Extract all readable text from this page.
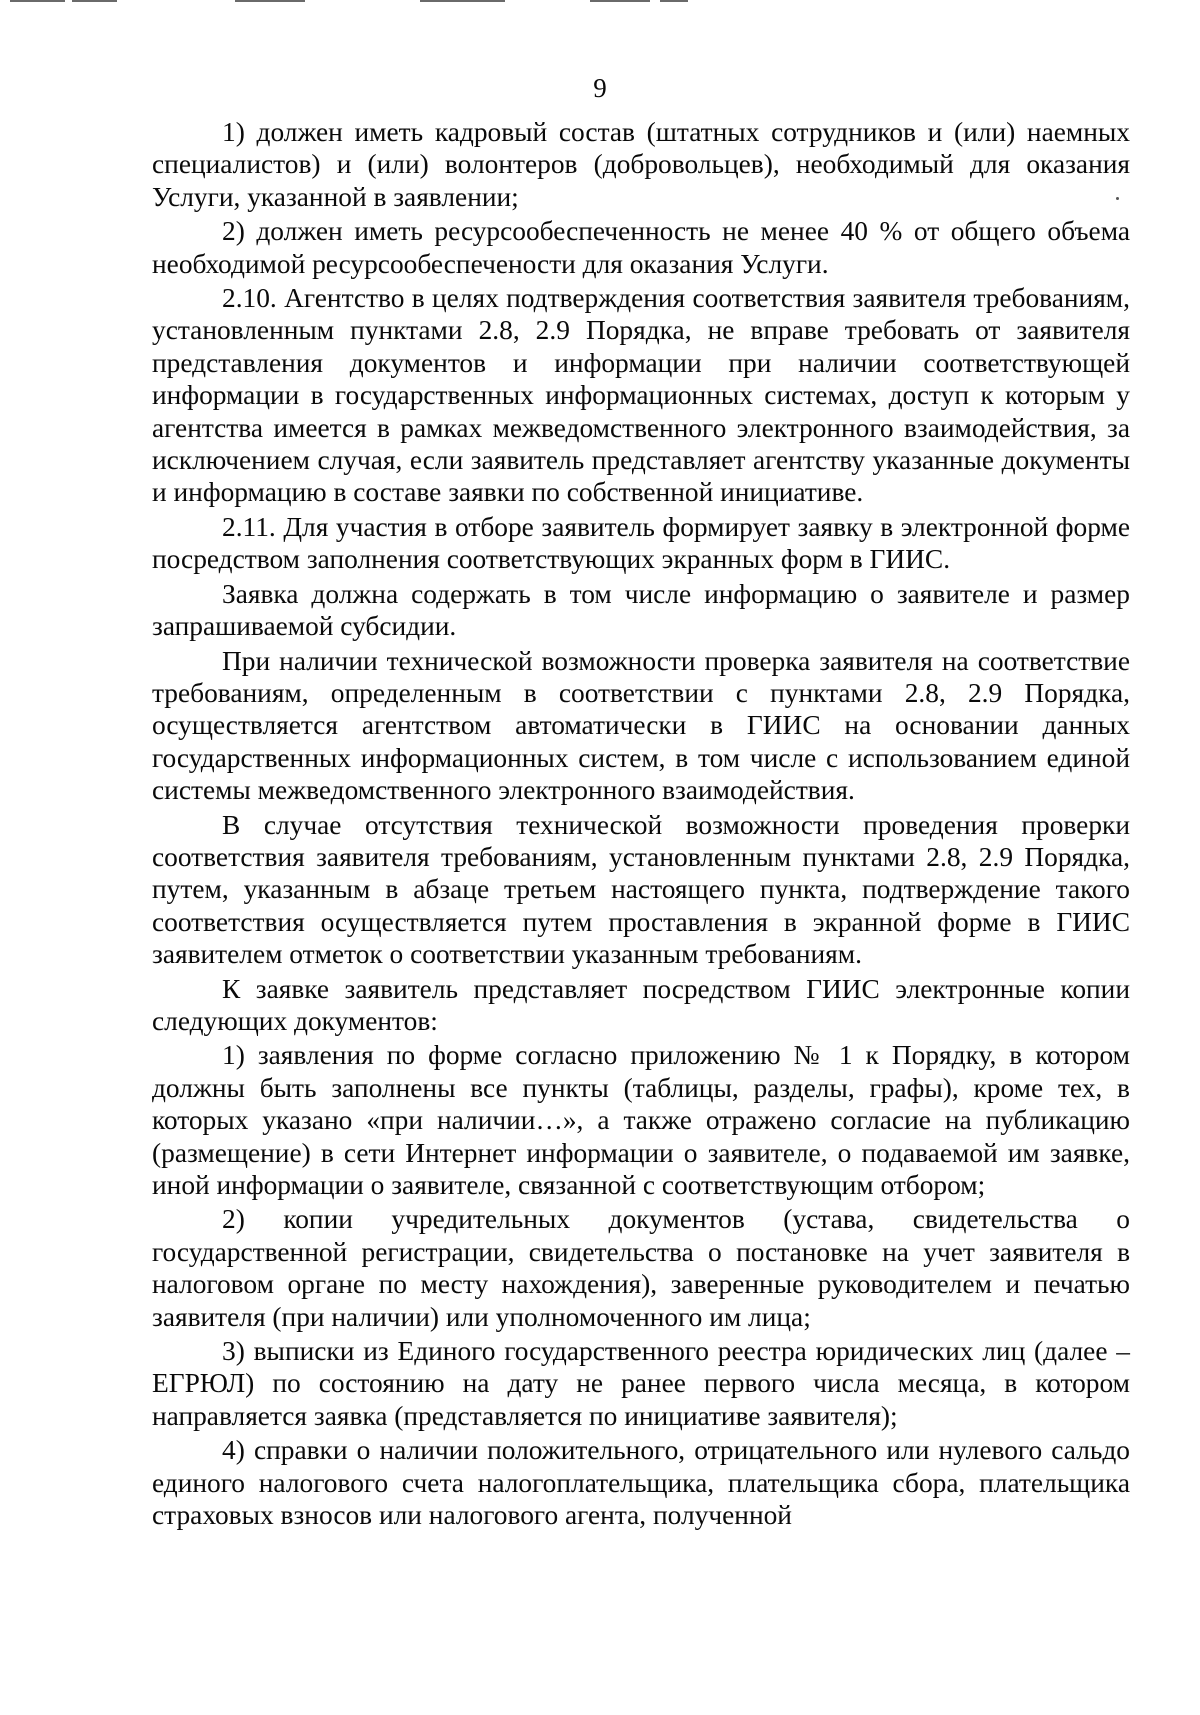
9

1) должен иметь кадровый состав (штатных сотрудников и (или) наемных специалистов) и (или) волонтеров (добровольцев), необходимый для оказания Услуги, указанной в заявлении;

2) должен иметь ресурсообеспеченность не менее 40 % от общего объема необходимой ресурсообеспечености для оказания Услуги.

2.10. Агентство в целях подтверждения соответствия заявителя требованиям, установленным пунктами 2.8, 2.9 Порядка, не вправе требовать от заявителя представления документов и информации при наличии соответствующей информации в государственных информационных системах, доступ к которым у агентства имеется в рамках межведомственного электронного взаимодействия, за исключением случая, если заявитель представляет агентству указанные документы и информацию в составе заявки по собственной инициативе.

2.11. Для участия в отборе заявитель формирует заявку в электронной форме посредством заполнения соответствующих экранных форм в ГИИС.

Заявка должна содержать в том числе информацию о заявителе и размер запрашиваемой субсидии.

При наличии технической возможности проверка заявителя на соответствие требованиям, определенным в соответствии с пунктами 2.8, 2.9 Порядка, осуществляется агентством автоматически в ГИИС на основании данных государственных информационных систем, в том числе с использованием единой системы межведомственного электронного взаимодействия.

В случае отсутствия технической возможности проведения проверки соответствия заявителя требованиям, установленным пунктами 2.8, 2.9 Порядка, путем, указанным в абзаце третьем настоящего пункта, подтверждение такого соответствия осуществляется путем проставления в экранной форме в ГИИС заявителем отметок о соответствии указанным требованиям.

К заявке заявитель представляет посредством ГИИС электронные копии следующих документов:

1) заявления по форме согласно приложению № 1 к Порядку, в котором должны быть заполнены все пункты (таблицы, разделы, графы), кроме тех, в которых указано «при наличии…», а также отражено согласие на публикацию (размещение) в сети Интернет информации о заявителе, о подаваемой им заявке, иной информации о заявителе, связанной с соответствующим отбором;

2) копии учредительных документов (устава, свидетельства о государственной регистрации, свидетельства о постановке на учет заявителя в налоговом органе по месту нахождения), заверенные руководителем и печатью заявителя (при наличии) или уполномоченного им лица;

3) выписки из Единого государственного реестра юридических лиц (далее – ЕГРЮЛ) по состоянию на дату не ранее первого числа месяца, в котором направляется заявка (представляется по инициативе заявителя);

4) справки о наличии положительного, отрицательного или нулевого сальдо единого налогового счета налогоплательщика, плательщика сбора, плательщика страховых взносов или налогового агента, полученной
